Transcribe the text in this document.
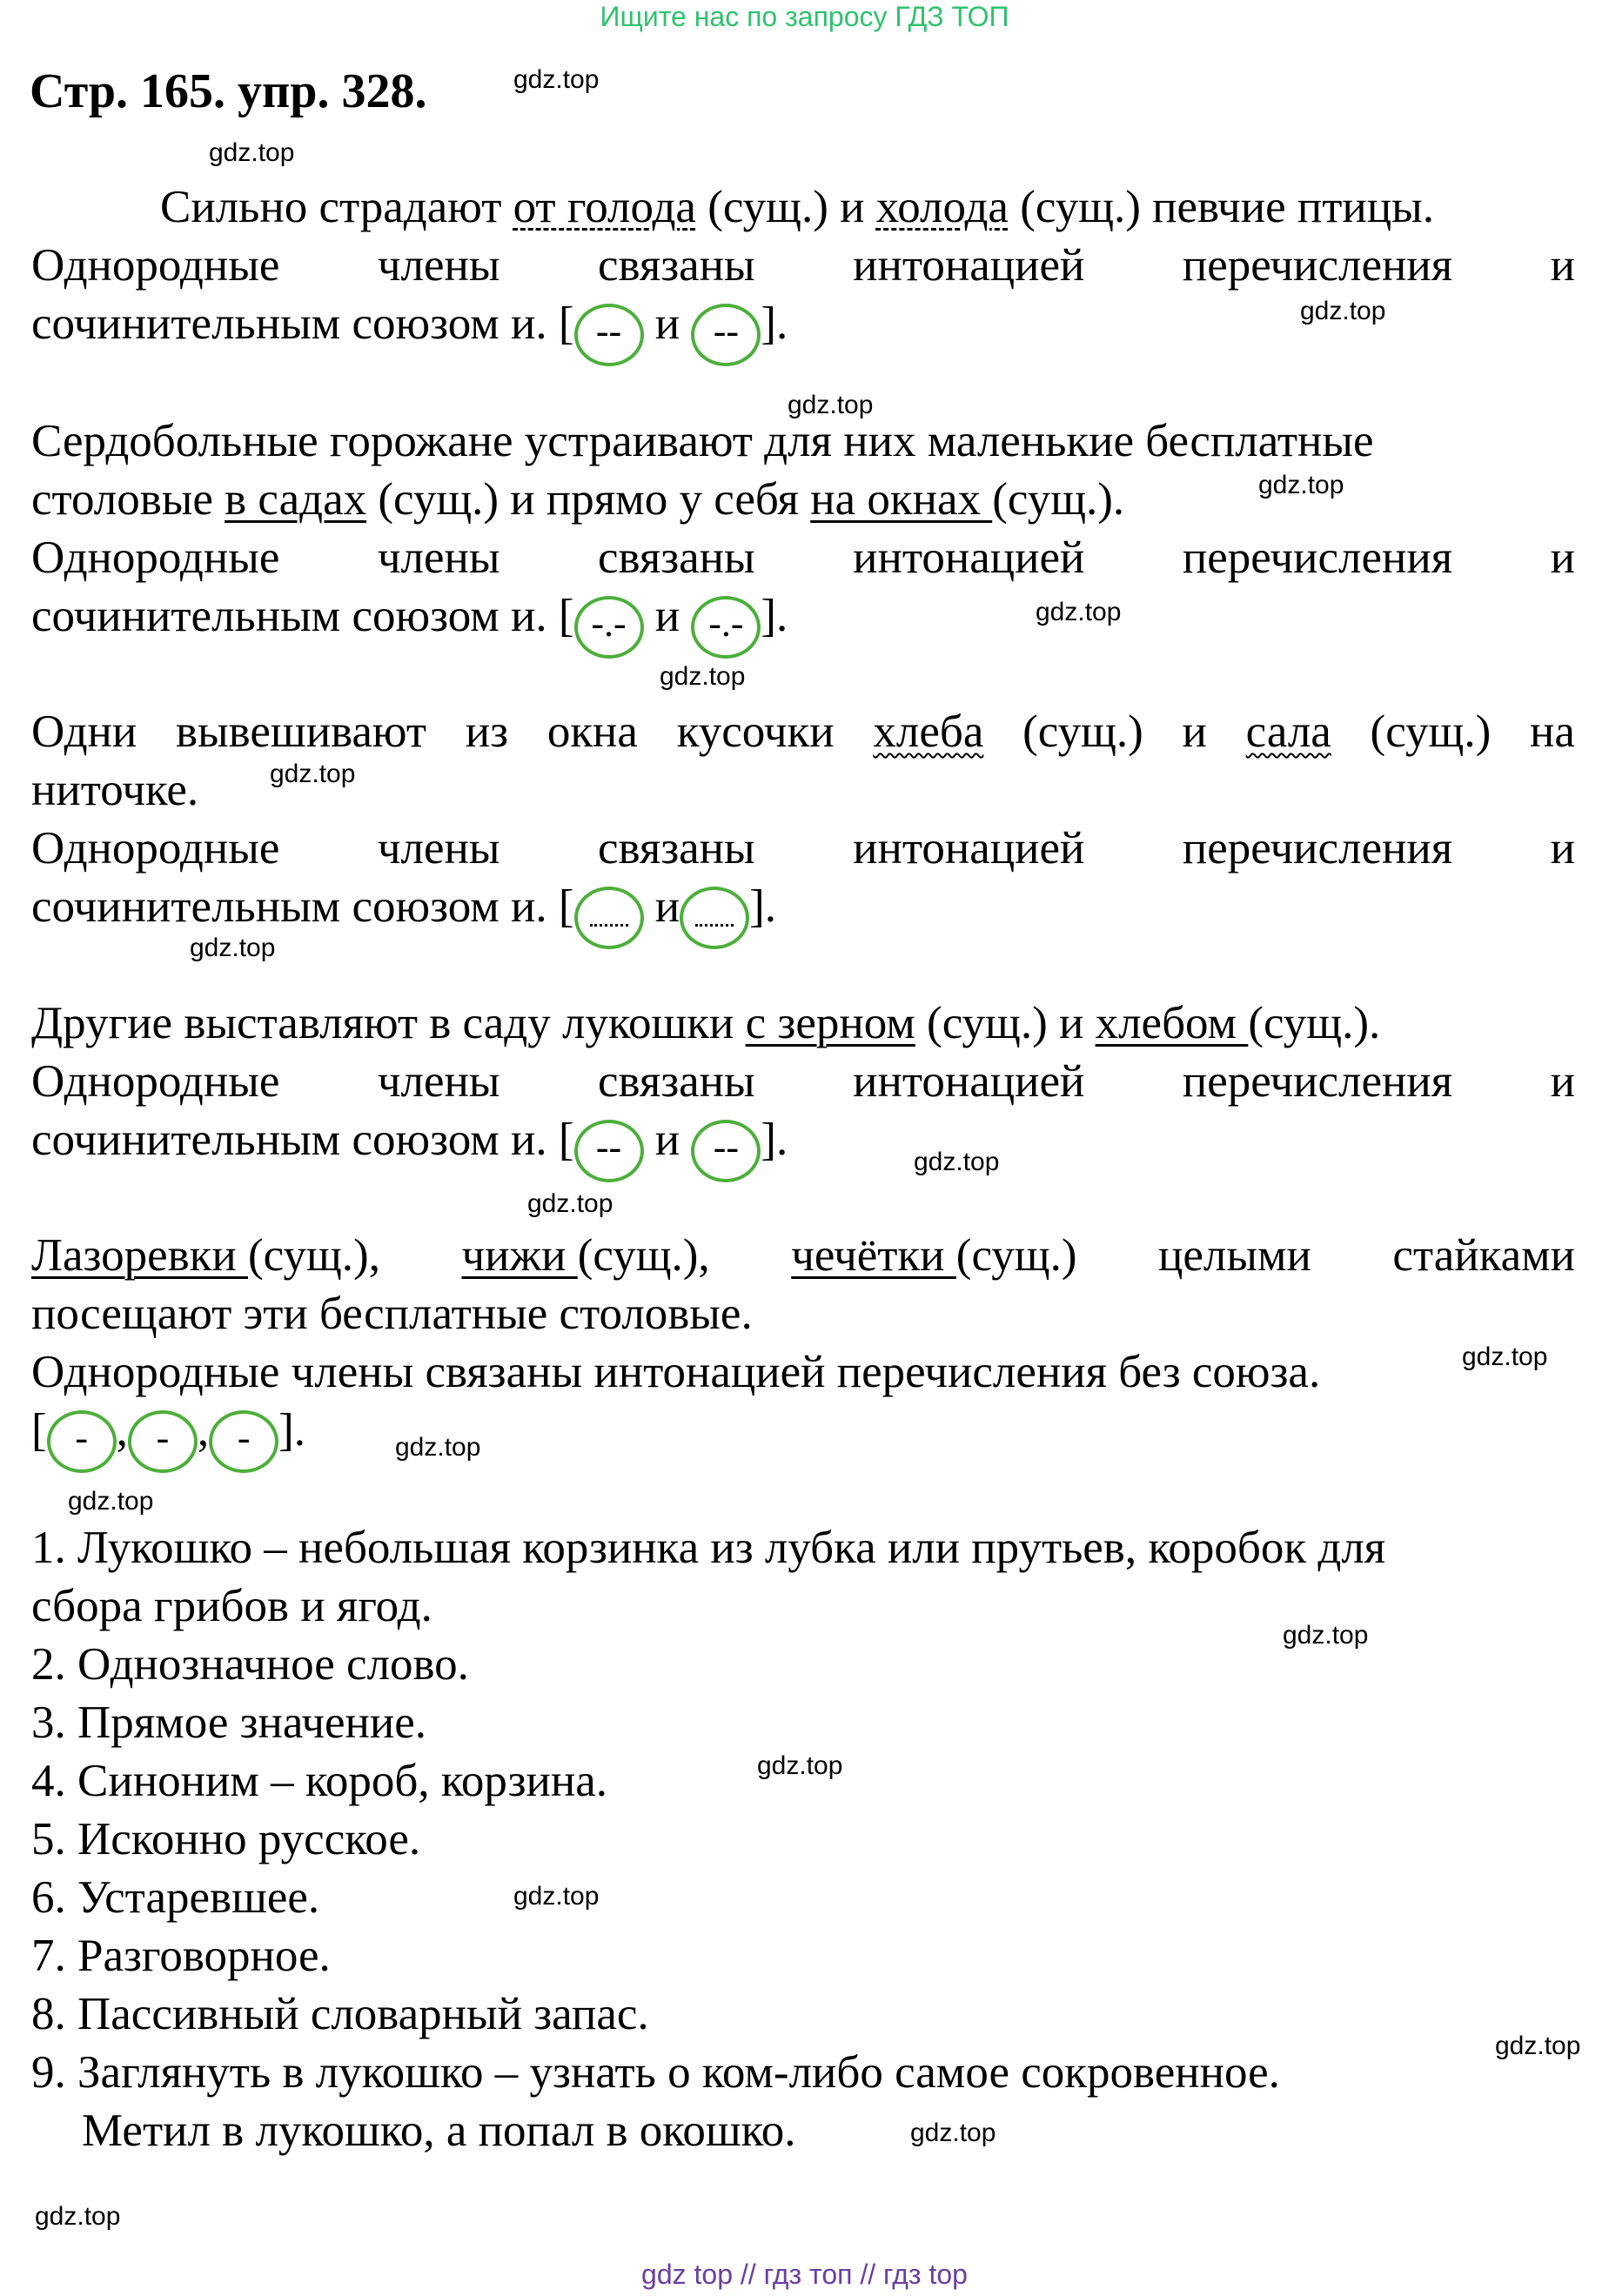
Ищите нас по запросу ГДЗ ТОП
Стр. 165. упр. 328.
Сильно страдают от голода (сущ.) и холода (сущ.) певчие птицы.
Однородные члены связаны интонацией перечисления и
сочинительным союзом и. [ -- и -- ].
Сердобольные горожане устраивают для них маленькие бесплатные
столовые в садах (сущ.) и прямо у себя на окнах (сущ.).
Однородные члены связаны интонацией перечисления и
сочинительным союзом и. [ -.- и -.- ].
Одни вывешивают из окна кусочки хлеба (сущ.) и сала (сущ.) на
ниточке.
Однородные члены связаны интонацией перечисления и
сочинительным союзом и. [ и ].
Другие выставляют в саду лукошки с зерном (сущ.) и хлебом (сущ.).
Однородные члены связаны интонацией перечисления и
сочинительным союзом и. [ -- и -- ].
Лазоревки (сущ.), чижи (сущ.), чечётки (сущ.) целыми стайками
посещают эти бесплатные столовые.
Однородные члены связаны интонацией перечисления без союза.
[ - , - , - ].
1. Лукошко – небольшая корзинка из лубка или прутьев, коробок для
сбора грибов и ягод.
2. Однозначное слово.
3. Прямое значение.
4. Синоним – короб, корзина.
5. Исконно русское.
6. Устаревшее.
7. Разговорное.
8. Пассивный словарный запас.
9. Заглянуть в лукошко – узнать о ком-либо самое сокровенное.
Метил в лукошко, а попал в окошко.
gdz.top
gdz.top
gdz.top
gdz.top
gdz.top
gdz.top
gdz.top
gdz.top
gdz.top
gdz.top
gdz.top
gdz.top
gdz.top
gdz.top
gdz.top
gdz.top
gdz.top
gdz.top
gdz.top
gdz.top
gdz top // гдз топ // гдз top
